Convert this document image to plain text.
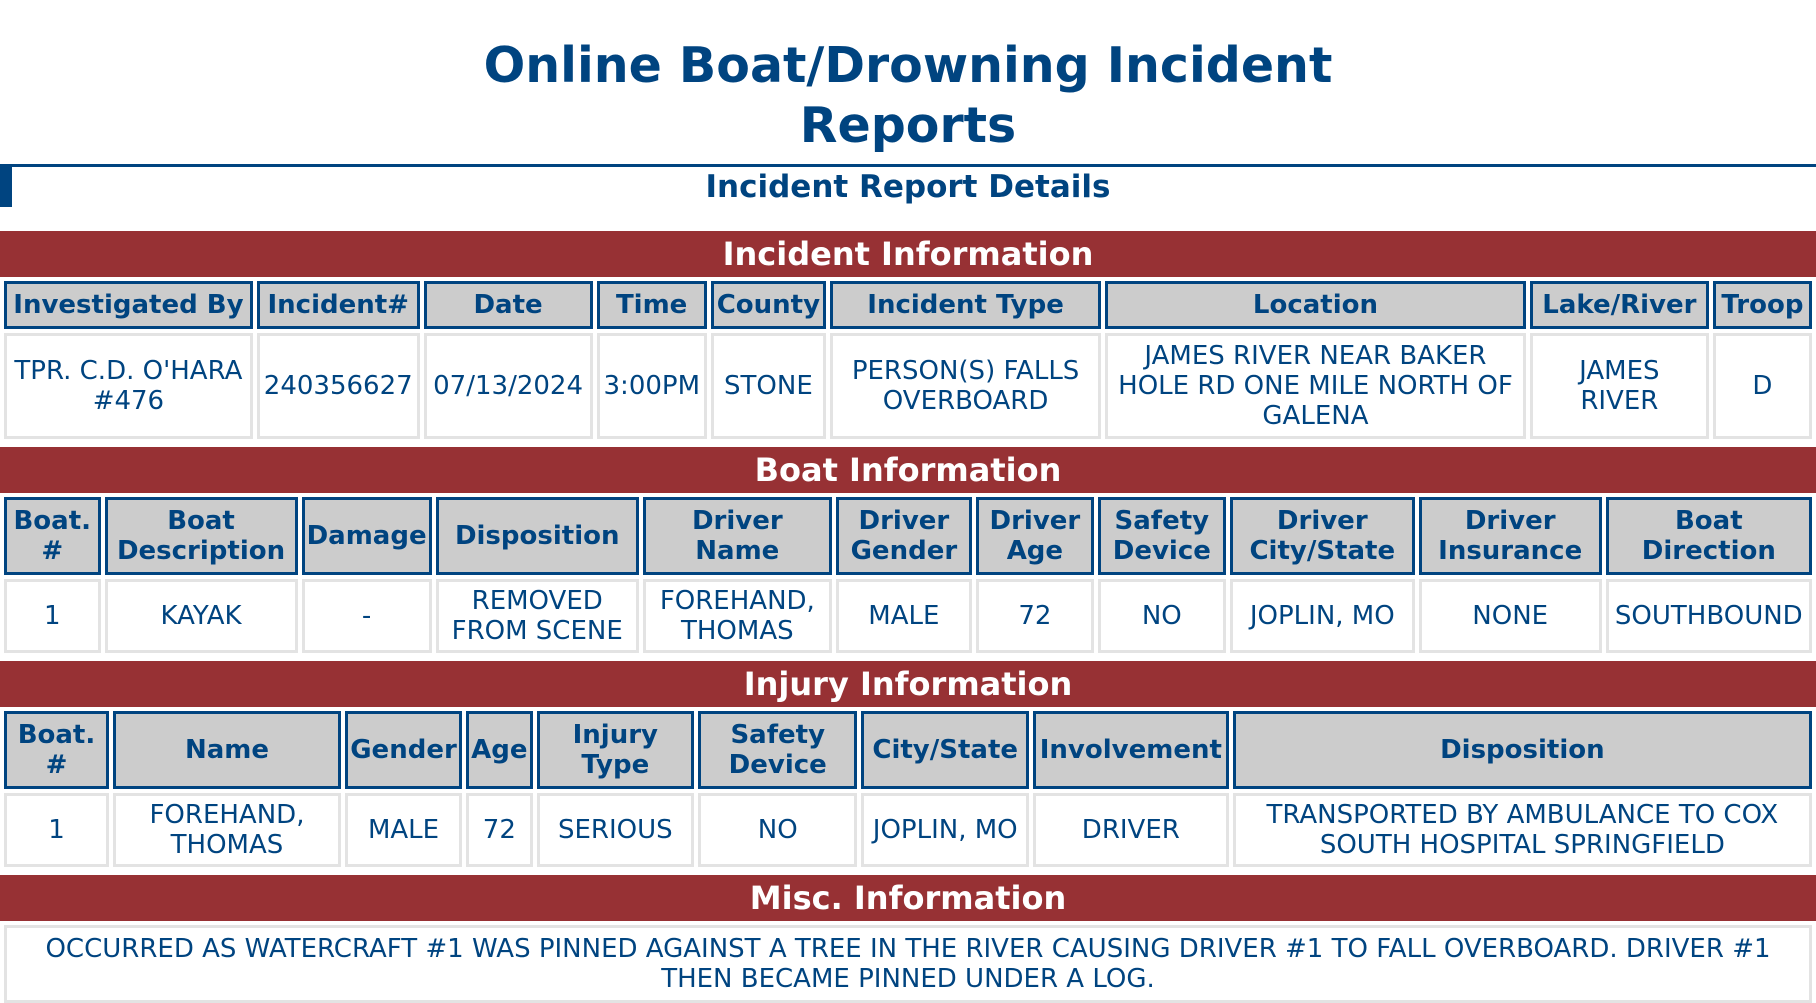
Online Boat/Drowning Incident
Reports
Incident Report Details
Incident Information
Investigated By	Incident#	Date	Time	County	Incident Type	Location	Lake/River	Troop
TPR. C.D. O'HARA #476	240356627	07/13/2024	3:00PM	STONE	PERSON(S) FALLS OVERBOARD	JAMES RIVER NEAR BAKER HOLE RD ONE MILE NORTH OF GALENA	JAMES RIVER	D
Boat Information
Boat. #	Boat Description	Damage	Disposition	Driver Name	Driver Gender	Driver Age	Safety Device	Driver City/State	Driver Insurance	Boat Direction
1	KAYAK	-	REMOVED FROM SCENE	FOREHAND, THOMAS	MALE	72	NO	JOPLIN, MO	NONE	SOUTHBOUND
Injury Information
Boat. #	Name	Gender	Age	Injury Type	Safety Device	City/State	Involvement	Disposition
1	FOREHAND, THOMAS	MALE	72	SERIOUS	NO	JOPLIN, MO	DRIVER	TRANSPORTED BY AMBULANCE TO COX SOUTH HOSPITAL SPRINGFIELD
Misc. Information
OCCURRED AS WATERCRAFT #1 WAS PINNED AGAINST A TREE IN THE RIVER CAUSING DRIVER #1 TO FALL OVERBOARD. DRIVER #1 THEN BECAME PINNED UNDER A LOG.
